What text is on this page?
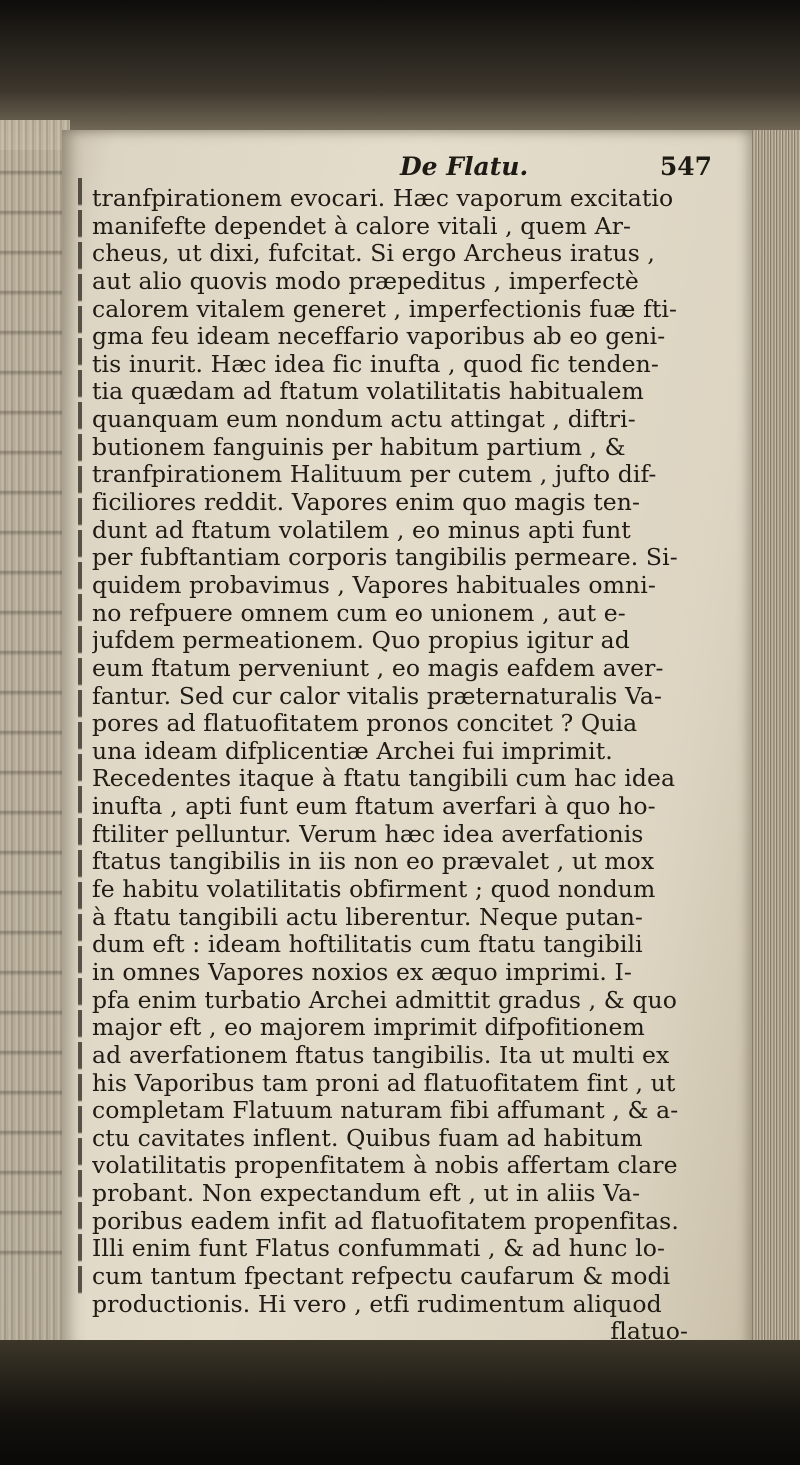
De Flatu.	547
tranfpirationem evocari. Hæc vaporum excitatio
manifefte dependet à calore vitali , quem Ar-
cheus, ut dixi, fufcitat. Si ergo Archeus iratus ,
aut alio quovis modo præpeditus , imperfectè
calorem vitalem generet , imperfectionis fuæ fti-
gma feu ideam neceffario vaporibus ab eo geni-
tis inurit. Hæc idea fic inufta , quod fic tenden-
tia quædam ad ftatum volatilitatis habitualem
quanquam eum nondum actu attingat , diftri-
butionem fanguinis per habitum partium , &
tranfpirationem Halituum per cutem , jufto dif-
ficiliores reddit. Vapores enim quo magis ten-
dunt ad ftatum volatilem , eo minus apti funt
per fubftantiam corporis tangibilis permeare. Si-
quidem probavimus , Vapores habituales omni-
no refpuere omnem cum eo unionem , aut e-
jufdem permeationem. Quo propius igitur ad
eum ftatum perveniunt , eo magis eafdem aver-
fantur. Sed cur calor vitalis præternaturalis Va-
pores ad flatuofitatem pronos concitet ? Quia
una ideam difplicentiæ Archei fui imprimit.
Recedentes itaque à ftatu tangibili cum hac idea
inufta , apti funt eum ftatum averfari à quo ho-
ftiliter pelluntur. Verum hæc idea averfationis
ftatus tangibilis in iis non eo prævalet , ut mox
fe habitu volatilitatis obfirment ; quod nondum
à ftatu tangibili actu liberentur. Neque putan-
dum eft : ideam hoftilitatis cum ftatu tangibili
in omnes Vapores noxios ex æquo imprimi. I-
pfa enim turbatio Archei admittit gradus , & quo
major eft , eo majorem imprimit difpofitionem
ad averfationem ftatus tangibilis. Ita ut multi ex
his Vaporibus tam proni ad flatuofitatem fint , ut
completam Flatuum naturam fibi affumant , & a-
ctu cavitates inflent. Quibus fuam ad habitum
volatilitatis propenfitatem à nobis affertam clare
probant. Non expectandum eft , ut in aliis Va-
poribus eadem infit ad flatuofitatem propenfitas.
Illi enim funt Flatus confummati , & ad hunc lo-
cum tantum fpectant refpectu caufarum & modi
productionis. Hi vero , etfi rudimentum aliquod
flatuo-
